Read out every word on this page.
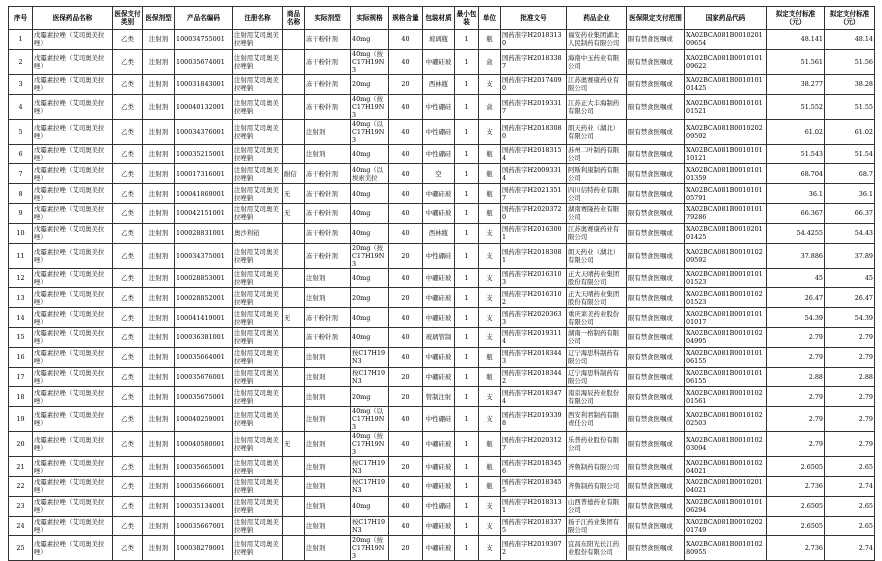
序号	医保药品名称	医保支付类别	医保剂型	产品名编码	注册名称	商品名称	实际剂型	实际规格	规格含量	包装材质	最小包装	单位	批准文号	药品企业	医保限定支付范围	国家药品代码	拟定支付标准（元）	拟定支付标准（元）
1	戊霉素拉唑（艾司奥美拉唑）	乙类	注射剂	100034755001	注射用艾司奥美拉唑钠		冻干粉针剂	40mg	40	玻璃瓶	1	瓶	国药准字H20183130	福安药业集团湖北人民制药有限公司	限有禁食医嘱或	XA02BCA081B0010201 09654	48.141	48.14
2	戊霉素拉唑（艾司奥美拉唑）	乙类	注射剂	100035674001	注射用艾司奥美拉唑钠		冻干粉针剂	40mg（按C17H19N3	40	中硼硅玻	1	盒	国药准字H20183387	海南中玉药业有限公司	限有禁食医嘱或	XA02BCA081B0010101 09622	51.561	51.56
3	戊霉素拉唑（艾司奥美拉唑）	乙类	注射剂	100031843001	注射用艾司奥美拉唑钠		冻干粉针剂	20mg	20	西林瓶	1	支	国药准字H20174090	江苏奥赛康药业有限公司	限有禁食医嘱或	XA02BCA081B0010101 01425	38.277	38.28
4	戊霉素拉唑（艾司奥美拉唑）	乙类	注射剂	100040132001	注射用艾司奥美拉唑钠		冻干粉针剂	40mg（按C17H19N3	40	中性硼硅	1	盒	国药准字H20193317	江苏正大丰海制药有限公司	限有禁食医嘱或	XA02BCA081B0010101 01521	51.552	51.55
5	戊霉素拉唑（艾司奥美拉唑）	乙类	注射剂	100034376001	注射用艾司奥美拉唑钠		注射剂	40mg（以C17H19N3	40	中性硼硅	1	支	国药准字H20183080	朗天药业（湖北）有限公司	限有禁食医嘱或	XA02BCA081B0010202 09592	61.02	61.02
6	戊霉素拉唑（艾司奥美拉唑）	乙类	注射剂	100035215001	注射用艾司奥美拉唑钠		注射剂	40mg	40	中性硼硅	1	瓶	国药准字H20183154	苏州二叶制药有限公司	限有禁食医嘱或	XA02BCA081B0010101 10121	51.543	51.54
7	戊霉素拉唑（艾司奥美拉唑）	乙类	注射剂	100017316001	注射用艾司奥美拉唑钠	耐信	冻干粉针剂	40mg（以埃索美拉	40	空	1	瓶	国药准字H20093314	阿斯利康制药有限公司	限有禁食医嘱或	XA02BCA081B0010101 01359	68.704	68.7
8	戊霉素拉唑（艾司奥美拉唑）	乙类	注射剂	100041869001	注射用艾司奥美拉唑钠	无	冻干粉针剂	40mg	40	中硼硅玻	1	瓶	国药准字H20213517	四川信特药业有限公司	限有禁食医嘱或	XA02BCA081B0010101 05791	36.1	36.1
9	戊霉素拉唑（艾司奥美拉唑）	乙类	注射剂	100042151001	注射用艾司奥美拉唑钠	无	冻干粉针剂	40mg	40	中硼硅玻	1	瓶	国药准字H20203720	湖南赛隆药业有限公司	限有禁食医嘱或	XA02BCA081B0010101 79286	66.367	66.37
10	戊霉素拉唑（艾司奥美拉唑）	乙类	注射剂	100028831001	奥沙利铂		冻干粉针剂	40mg	40	西林瓶	1	支	国药准字H20163001	江苏奥赛康药业有限公司	限有禁食医嘱或	XA02BCA081B0010201 01425	54.4255	54.43
11	戊霉素拉唑（艾司奥美拉唑）	乙类	注射剂	100034375001	注射用艾司奥美拉唑钠		冻干粉针剂	20mg（按C17H19N3	20	中性硼硅	1	支	国药准字H20183081	朗天药业（湖北）有限公司	限有禁食医嘱或	XA02BCA081B0010102 09592	37.886	37.89
12	戊霉素拉唑（艾司奥美拉唑）	乙类	注射剂	100028853001	注射用艾司奥美拉唑钠		注射剂	40mg	40	中硼硅玻	1	支	国药准字H20163103	正大天晴药业集团股份有限公司	限有禁食医嘱或	XA02BCA081B0010101 01523	45	45
13	戊霉素拉唑（艾司奥美拉唑）	乙类	注射剂	100028852001	注射用艾司奥美拉唑钠		注射剂	20mg	20	中硼硅玻	1	支	国药准字H20163102	正大天晴药业集团股份有限公司	限有禁食医嘱或	XA02BCA081B0010102 01523	26.47	26.47
14	戊霉素拉唑（艾司奥美拉唑）	乙类	注射剂	100041419001	注射用艾司奥美拉唑钠	无	冻干粉针剂	40mg	40	中硼硅玻	1	支	国药准字H20203633	重庆莱美药业股份有限公司	限有禁食医嘱或	XA02BCA081B0010101 01017	54.39	54.39
15	戊霉素拉唑（艾司奥美拉唑）	乙类	注射剂	100036381001	注射用艾司奥美拉唑钠		冻干粉针剂	40mg	40	玻璃管制	1	支	国药准字H20193114	湖南一格制药有限公司	限有禁食医嘱或	XA02BCA081B0010102 04995	2.79	2.79
16	戊霉素拉唑（艾司奥美拉唑）	乙类	注射剂	100035664001	注射用艾司奥美拉唑钠		注射剂	按C17H19N3	40	中硼硅玻	1	瓶	国药准字H20183443	辽宁海思科制药有限公司	限有禁食医嘱或	XA02BCA081B0010101 06155	2.79	2.79
17	戊霉素拉唑（艾司奥美拉唑）	乙类	注射剂	100035676001	注射用艾司奥美拉唑钠		注射剂	按C17H19N3	20	中硼硅玻	1	瓶	国药准字H20183442	辽宁海思科制药有限公司	限有禁食医嘱或	XA02BCA081B0010101 06155	2.88	2.88
18	戊霉素拉唑（艾司奥美拉唑）	乙类	注射剂	100035675001	注射用艾司奥美拉唑钠		注射剂	20mg	20	管制注射	1	支	国药准字H20183474	南京海辰药业股份有限公司	限有禁食医嘱或	XA02BCA081B0010102 01561	2.79	2.79
19	戊霉素拉唑（艾司奥美拉唑）	乙类	注射剂	100040259001	注射用艾司奥美拉唑钠		注射剂	40mg（以C17H19N3	40	中性硼硅	1	支	国药准字H20193398	西安利君制药有限责任公司	限有禁食医嘱或	XA02BCA081B0010102 02503	2.79	2.79
20	戊霉素拉唑（艾司奥美拉唑）	乙类	注射剂	100040580001	注射用艾司奥美拉唑钠	无	注射剂	40mg（按C17H19N3	40	中硼硅玻	1	瓶	国药准字H20203127	乐普药业股份有限公司	限有禁食医嘱或	XA02BCA081B0010102 03094	2.79	2.79
21	戊霉素拉唑（艾司奥美拉唑）	乙类	注射剂	100035665001	注射用艾司奥美拉唑钠		注射剂	按C17H19N3	20	中硼硅玻	1	瓶	国药准字H20183456	齐鲁制药有限公司	限有禁食医嘱或	XA02BCA081B0010102 04021	2.6505	2.65
22	戊霉素拉唑（艾司奥美拉唑）	乙类	注射剂	100035666001	注射用艾司奥美拉唑钠		注射剂	按C17H19N3	40	中硼硅玻	1	瓶	国药准字H20183455	齐鲁制药有限公司	限有禁食医嘱或	XA02BCA081B0010201 04021	2.736	2.74
23	戊霉素拉唑（艾司奥美拉唑）	乙类	注射剂	100035134001	注射用艾司奥美拉唑钠		注射剂	40mg	40	中性硼硅	1	支	国药准字H20183131	山西普德药业有限公司	限有禁食医嘱或	XA02BCA081B0010101 06294	2.6505	2.65
24	戊霉素拉唑（艾司奥美拉唑）	乙类	注射剂	100035667001	注射用艾司奥美拉唑钠		注射剂	按C17H19N3	40	中硼硅玻	1	支	国药准字H20183375	扬子江药业集团有限公司	限有禁食医嘱或	XA02BCA081B0010202 01749	2.6505	2.65
25	戊霉素拉唑（艾司奥美拉唑）	乙类	注射剂	100038279001	注射用艾司奥美拉唑钠		注射剂	20mg（按C17H19N3	20	中硼硅玻	1	支	国药准字H20193072	宜昌东阳光长江药业股份有限公司	限有禁食医嘱或	XA02BCA081B0010102 80955	2.736	2.74
